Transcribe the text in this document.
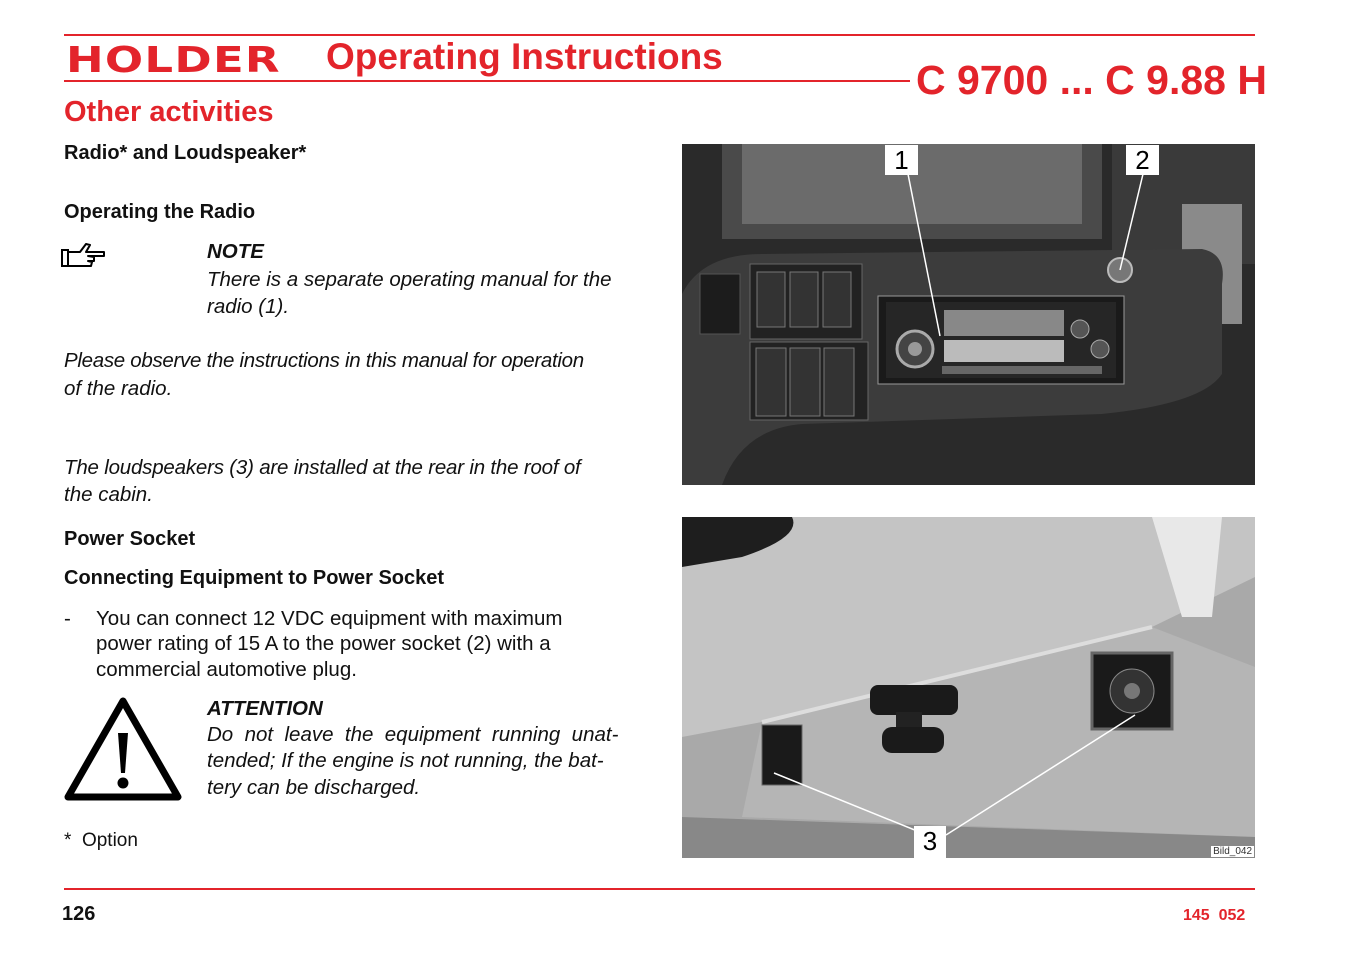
HOLDER Operating Instructions
C 9700 ... C 9.88 H
Other activities
Radio* and Loudspeaker*
Operating the Radio
NOTE
There is a separate operating manual for the
radio (1).
Please observe the instructions in this manual for operation
of the radio.
The loudspeakers (3) are installed at the rear in the roof of
the cabin.
Power Socket
Connecting Equipment to Power Socket
- You can connect 12 VDC equipment with maximum
power rating of 15 A to the power socket (2) with a
commercial automotive plug.
ATTENTION
Do  not  leave  the  equipment  running  unat-
tended; If the engine is not running, the bat-
tery can be discharged.
*  Option
1	2
3	Bild_042
126	145  052
